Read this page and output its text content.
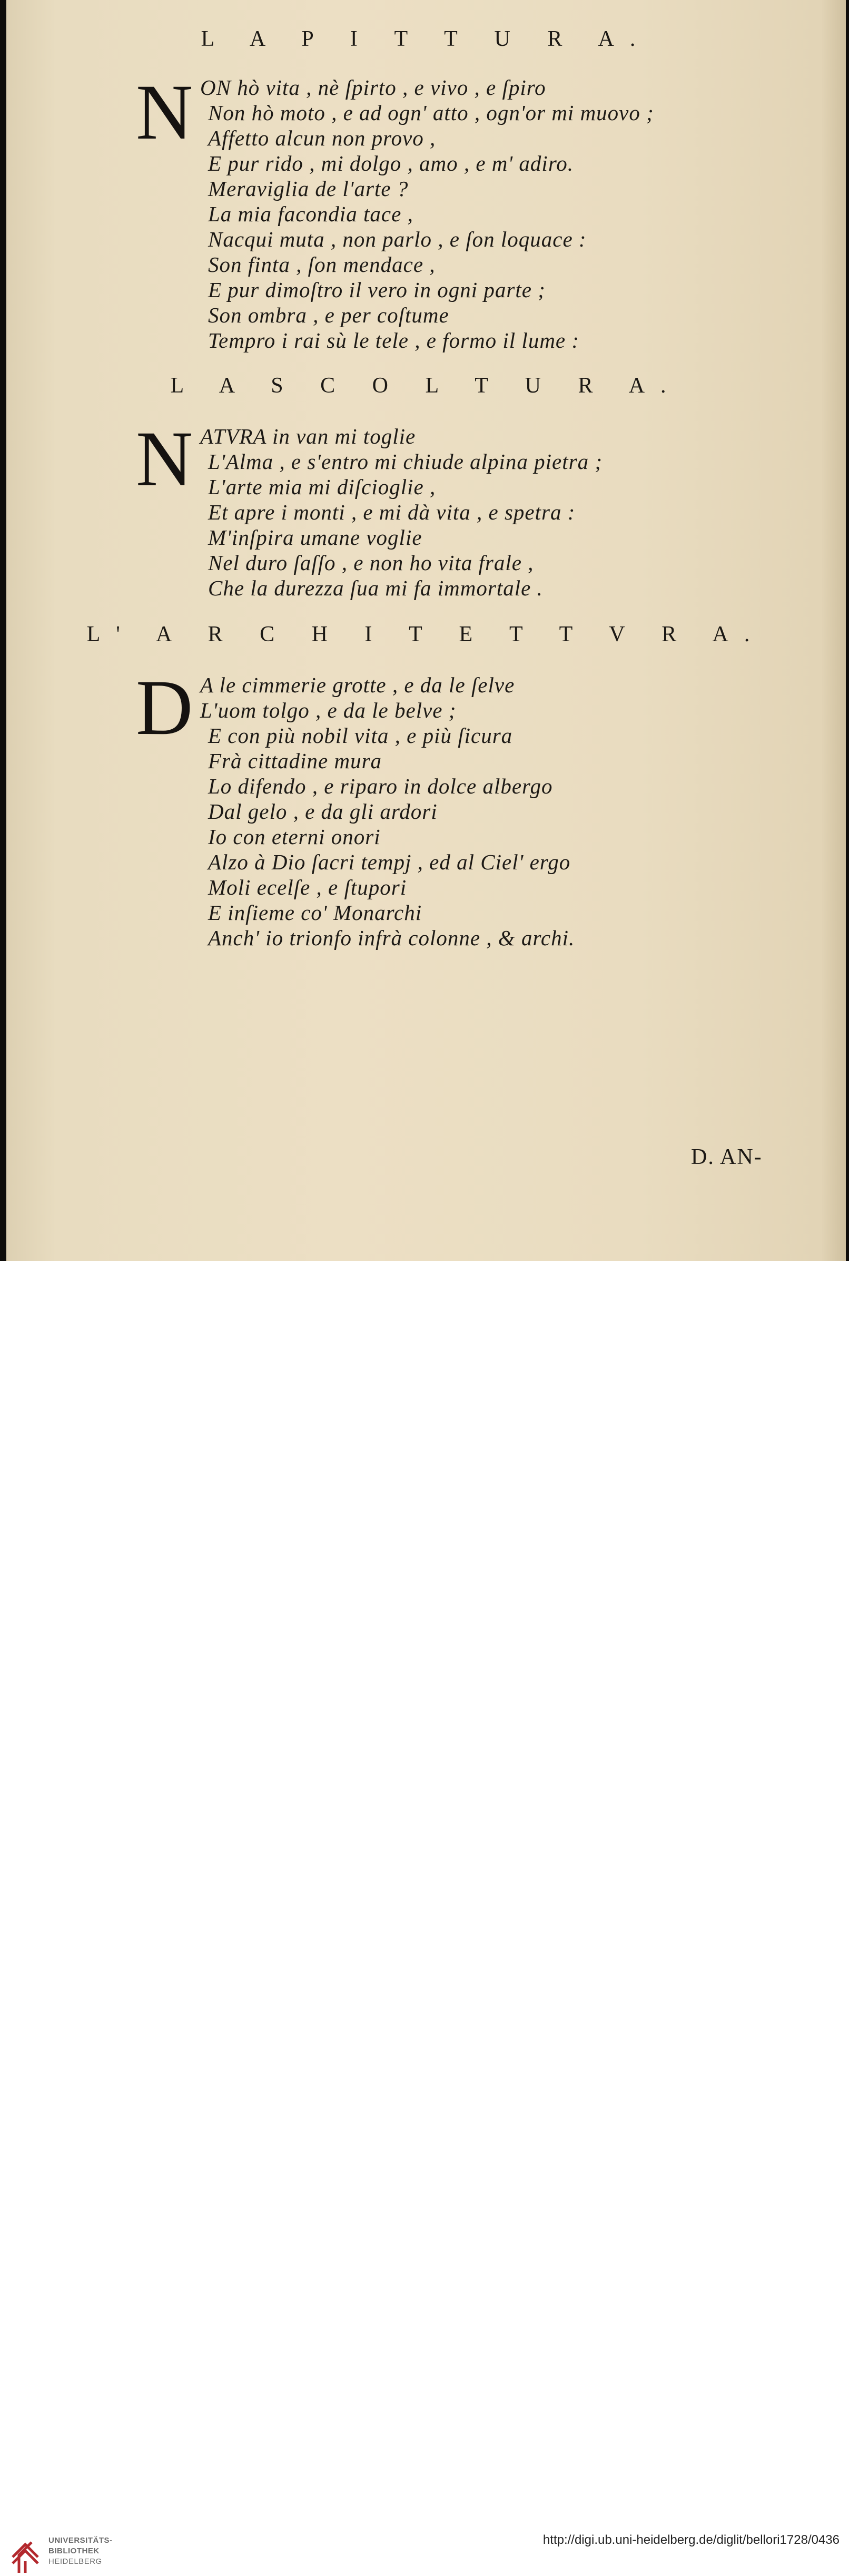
L A P I T T U R A.
N ON hò vita , nè ſpirto , e vivo , e ſpiro
Non hò moto , e ad ogn' atto , ogn'or mi muovo ;
Affetto alcun non provo ,
E pur rido , mi dolgo , amo , e m' adiro.
Meraviglia de l'arte ?
La mia facondia tace ,
Nacqui muta , non parlo , e ſon loquace :
Son finta , ſon mendace ,
E pur dimoſtro il vero in ogni parte ;
Son ombra , e per coſtume
Tempro i rai sù le tele , e formo il lume :
L A S C O L T U R A.
N ATVRA in van mi toglie
L'Alma , e s'entro mi chiude alpina pietra ;
L'arte mia mi diſcioglie ,
Et apre i monti , e mi dà vita , e spetra :
M'inſpira umane voglie
Nel duro ſaſſo , e non ho vita frale ,
Che la durezza ſua mi fa immortale .
L' A R C H I T E T T V R A.
D A le cimmerie grotte , e da le ſelve
L'uom tolgo , e da le belve ;
E con più nobil vita , e più ſicura
Frà cittadine mura
Lo difendo , e riparo in dolce albergo
Dal gelo , e da gli ardori
Io con eterni onori
Alzo à Dio ſacri tempj , ed al Ciel' ergo
Moli ecelſe , e ſtupori
E inſieme co' Monarchi
Anch' io trionfo infrà colonne , & archi.
D. AN-
UNIVERSITÄTS-
BIBLIOTHEK
HEIDELBERG
http://digi.ub.uni-heidelberg.de/diglit/bellori1728/0436
